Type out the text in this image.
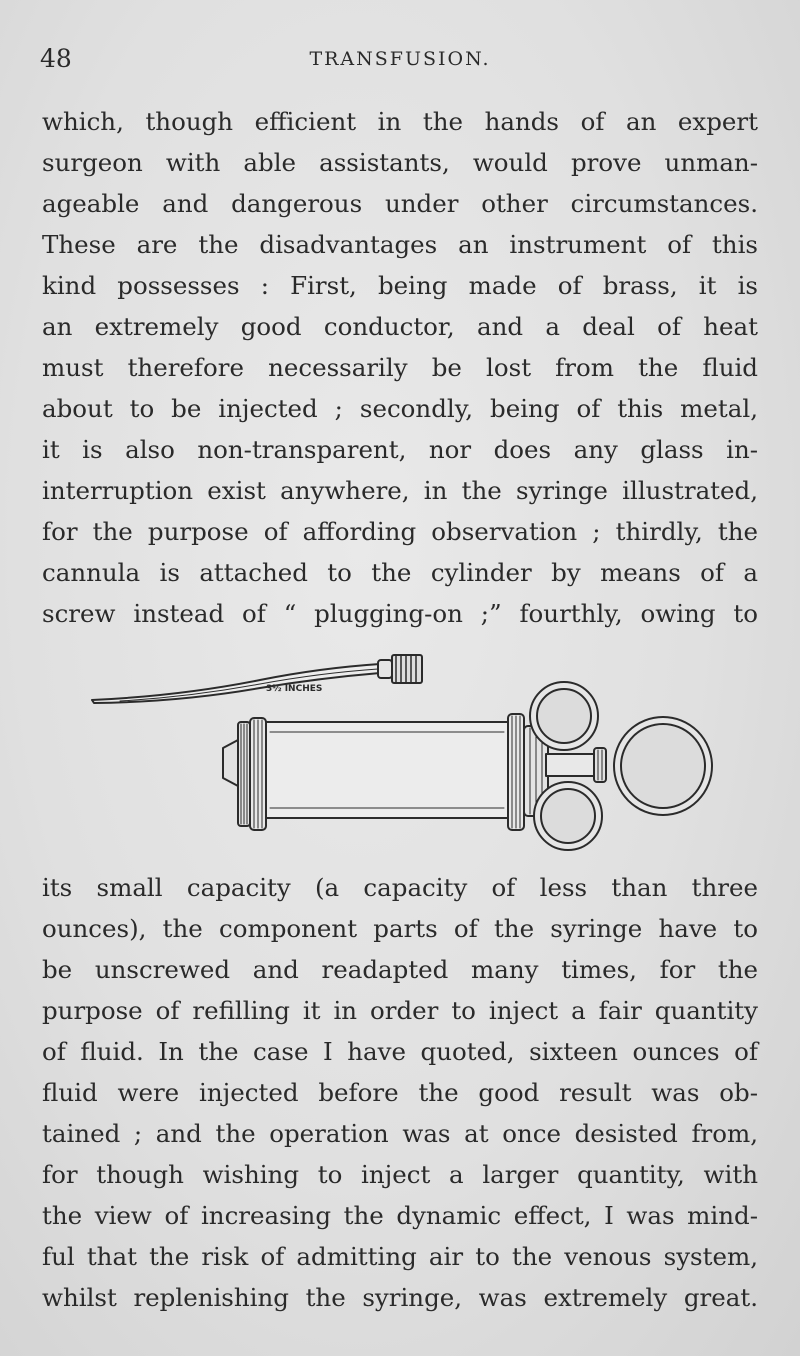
48	TRANSFUSION.
which, though efficient in the hands of an expert
surgeon with able assistants, would prove unman-
ageable and dangerous under other circumstances.
These are the disadvantages an instrument of this
kind possesses : First, being made of brass, it is
an extremely good conductor, and a deal of heat
must therefore necessarily be lost from the fluid
about to be injected ; secondly, being of this metal,
it is also non-transparent, nor does any glass in-
interruption exist anywhere, in the syringe illustrated,
for the purpose of affording observation ; thirdly, the
cannula is attached to the cylinder by means of a
screw instead of “ plugging-on ;” fourthly, owing to
3½ INCHES
its small capacity (a capacity of less than three
ounces), the component parts of the syringe have to
be unscrewed and readapted many times, for the
purpose of refilling it in order to inject a fair quantity
of fluid. In the case I have quoted, sixteen ounces of
fluid were injected before the good result was ob-
tained ; and the operation was at once desisted from,
for though wishing to inject a larger quantity, with
the view of increasing the dynamic effect, I was mind-
ful that the risk of admitting air to the venous system,
whilst replenishing the syringe, was extremely great.
